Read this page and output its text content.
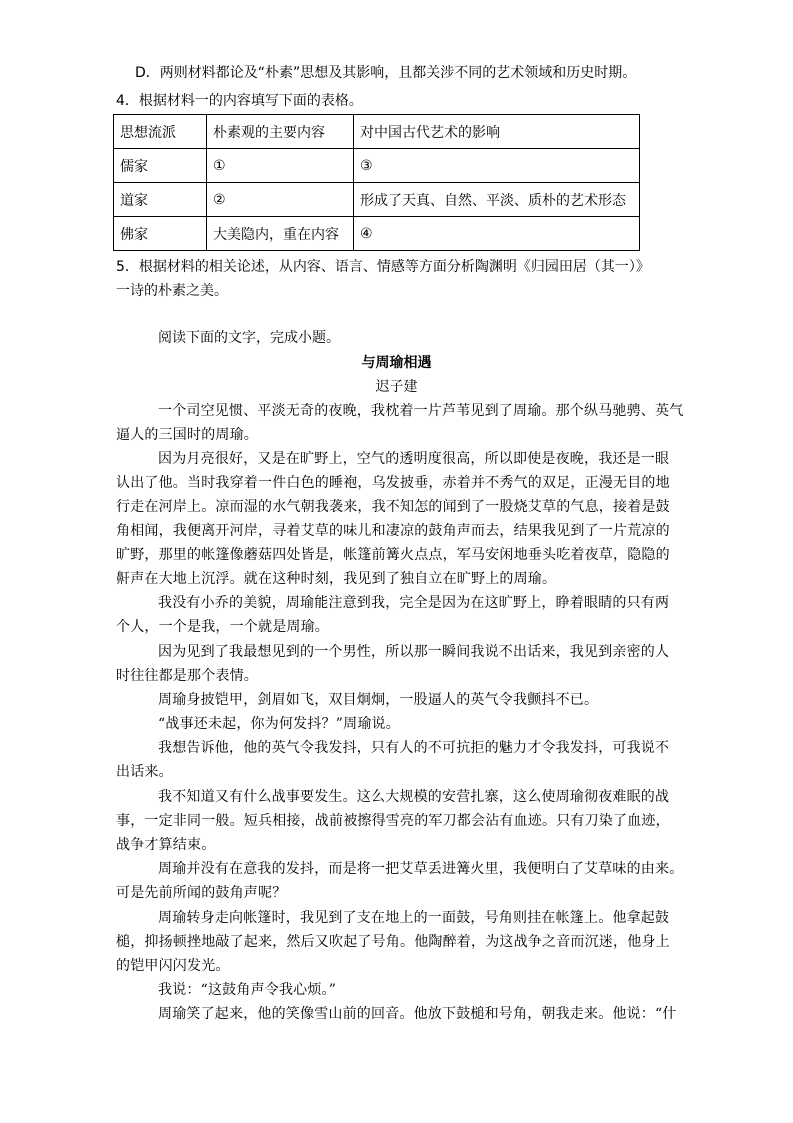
D．两则材料都论及“朴素”思想及其影响，且都关涉不同的艺术领域和历史时期。
4．根据材料一的内容填写下面的表格。
思想流派	朴素观的主要内容	对中国古代艺术的影响
儒家	①	③
道家	②	形成了天真、自然、平淡、质朴的艺术形态
佛家	大美隐内，重在内容	④
5．根据材料的相关论述，从内容、语言、情感等方面分析陶渊明《归园田居（其一）》
一诗的朴素之美。
阅读下面的文字，完成小题。
与周瑜相遇
迟子建
一个司空见惯、平淡无奇的夜晚，我枕着一片芦苇见到了周瑜。那个纵马驰骋、英气
逼人的三国时的周瑜。
因为月亮很好，又是在旷野上，空气的透明度很高，所以即使是夜晚，我还是一眼
认出了他。当时我穿着一件白色的睡袍，乌发披垂，赤着并不秀气的双足，正漫无目的地
行走在河岸上。凉而湿的水气朝我袭来，我不知怎的闻到了一股烧艾草的气息，接着是鼓
角相闻，我便离开河岸，寻着艾草的味儿和凄凉的鼓角声而去，结果我见到了一片荒凉的
旷野，那里的帐篷像蘑菇四处皆是，帐篷前篝火点点，军马安闲地垂头吃着夜草，隐隐的
鼾声在大地上沉浮。就在这种时刻，我见到了独自立在旷野上的周瑜。
我没有小乔的美貌，周瑜能注意到我，完全是因为在这旷野上，睁着眼睛的只有两
个人，一个是我，一个就是周瑜。
因为见到了我最想见到的一个男性，所以那一瞬间我说不出话来，我见到亲密的人
时往往都是那个表情。
周瑜身披铠甲，剑眉如飞，双目炯炯，一股逼人的英气令我颤抖不已。
“战事还未起，你为何发抖？”周瑜说。
我想告诉他，他的英气令我发抖，只有人的不可抗拒的魅力才令我发抖，可我说不
出话来。
我不知道又有什么战事要发生。这么大规模的安营扎寨，这么使周瑜彻夜难眠的战
事，一定非同一般。短兵相接，战前被擦得雪亮的军刀都会沾有血迹。只有刀染了血迹，
战争才算结束。
周瑜并没有在意我的发抖，而是将一把艾草丢进篝火里，我便明白了艾草味的由来。
可是先前所闻的鼓角声呢？
周瑜转身走向帐篷时，我见到了支在地上的一面鼓，号角则挂在帐篷上。他拿起鼓
槌，抑扬顿挫地敲了起来，然后又吹起了号角。他陶醉着，为这战争之音而沉迷，他身上
的铠甲闪闪发光。
我说：“这鼓角声令我心烦。”
周瑜笑了起来，他的笑像雪山前的回音。他放下鼓槌和号角，朝我走来。他说：“什
